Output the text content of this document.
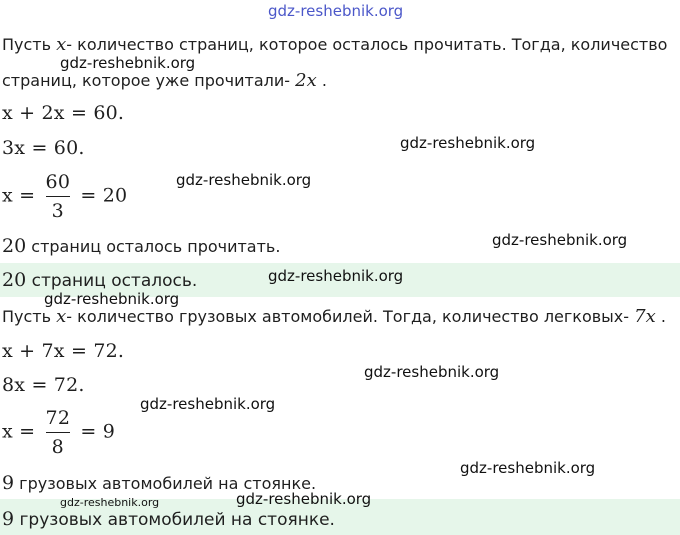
gdz-reshebnik.org
Пусть x- количество страниц, которое осталось прочитать. Тогда, количество
страниц, которое уже прочитали- 2x .
x + 2x = 60.
3x = 60.
$x = \frac{60}{3} = 20$
20 страниц осталось прочитать.
20 страниц осталось.
Пусть x- количество грузовых автомобилей. Тогда, количество легковых- 7x .
x + 7x = 72.
8x = 72.
$x = \frac{72}{8} = 9$
9 грузовых автомобилей на стоянке.
9 грузовых автомобилей на стоянке.
gdz-reshebnik.org
gdz-reshebnik.org
gdz-reshebnik.org
gdz-reshebnik.org
gdz-reshebnik.org
gdz-reshebnik.org
gdz-reshebnik.org
gdz-reshebnik.org
gdz-reshebnik.org
gdz-reshebnik.org	gdz-reshebnik.org
